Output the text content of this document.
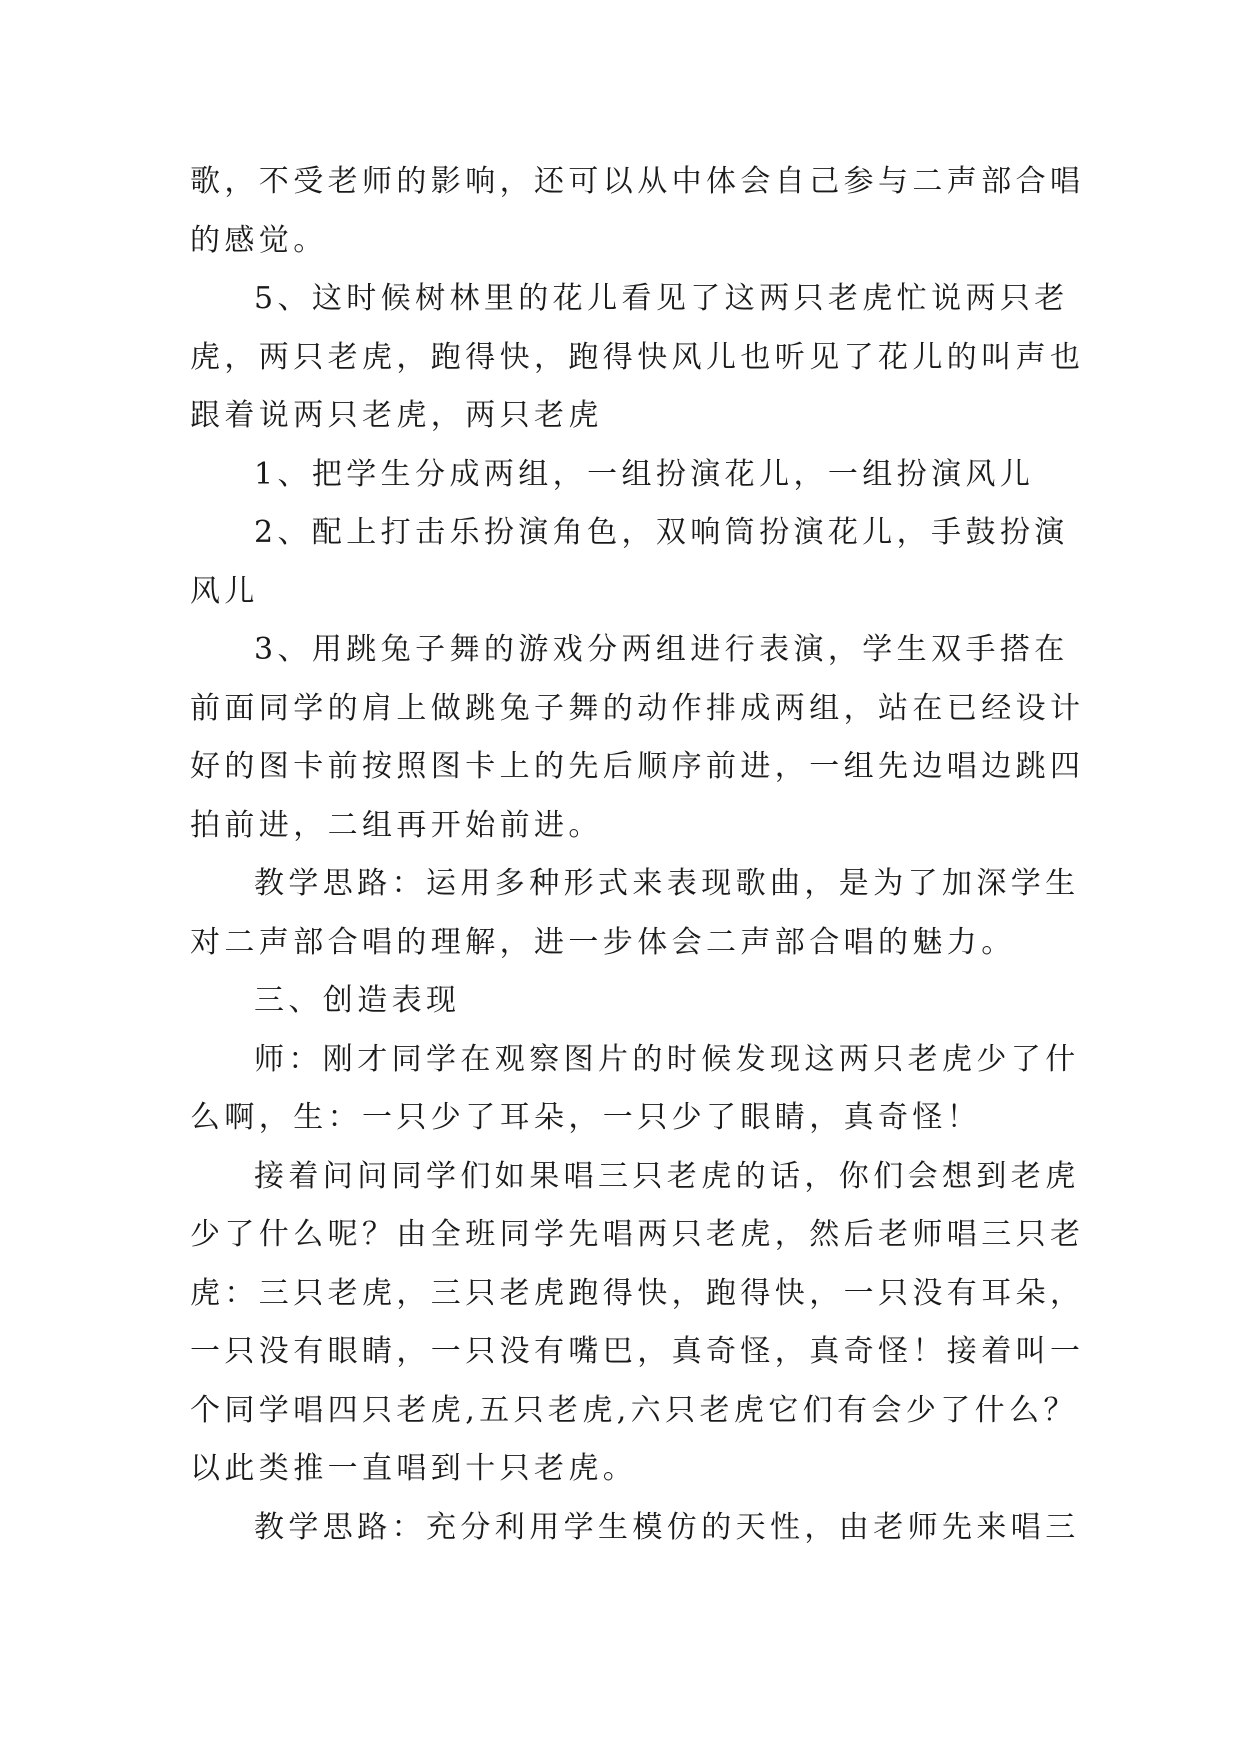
歌，不受老师的影响，还可以从中体会自己参与二声部合唱
的感觉。
5、这时候树林里的花儿看见了这两只老虎忙说两只老
虎，两只老虎，跑得快，跑得快风儿也听见了花儿的叫声也
跟着说两只老虎，两只老虎
1、把学生分成两组，一组扮演花儿，一组扮演风儿
2、配上打击乐扮演角色，双响筒扮演花儿，手鼓扮演
风儿
3、用跳兔子舞的游戏分两组进行表演，学生双手搭在
前面同学的肩上做跳兔子舞的动作排成两组，站在已经设计
好的图卡前按照图卡上的先后顺序前进，一组先边唱边跳四
拍前进，二组再开始前进。
教学思路：运用多种形式来表现歌曲，是为了加深学生
对二声部合唱的理解，进一步体会二声部合唱的魅力。
三、创造表现
师：刚才同学在观察图片的时候发现这两只老虎少了什
么啊，生：一只少了耳朵，一只少了眼睛，真奇怪！
接着问问同学们如果唱三只老虎的话，你们会想到老虎
少了什么呢？由全班同学先唱两只老虎，然后老师唱三只老
虎：三只老虎，三只老虎跑得快，跑得快，一只没有耳朵，
一只没有眼睛，一只没有嘴巴，真奇怪，真奇怪！接着叫一
个同学唱四只老虎,五只老虎,六只老虎它们有会少了什么？
以此类推一直唱到十只老虎。
教学思路：充分利用学生模仿的天性，由老师先来唱三
